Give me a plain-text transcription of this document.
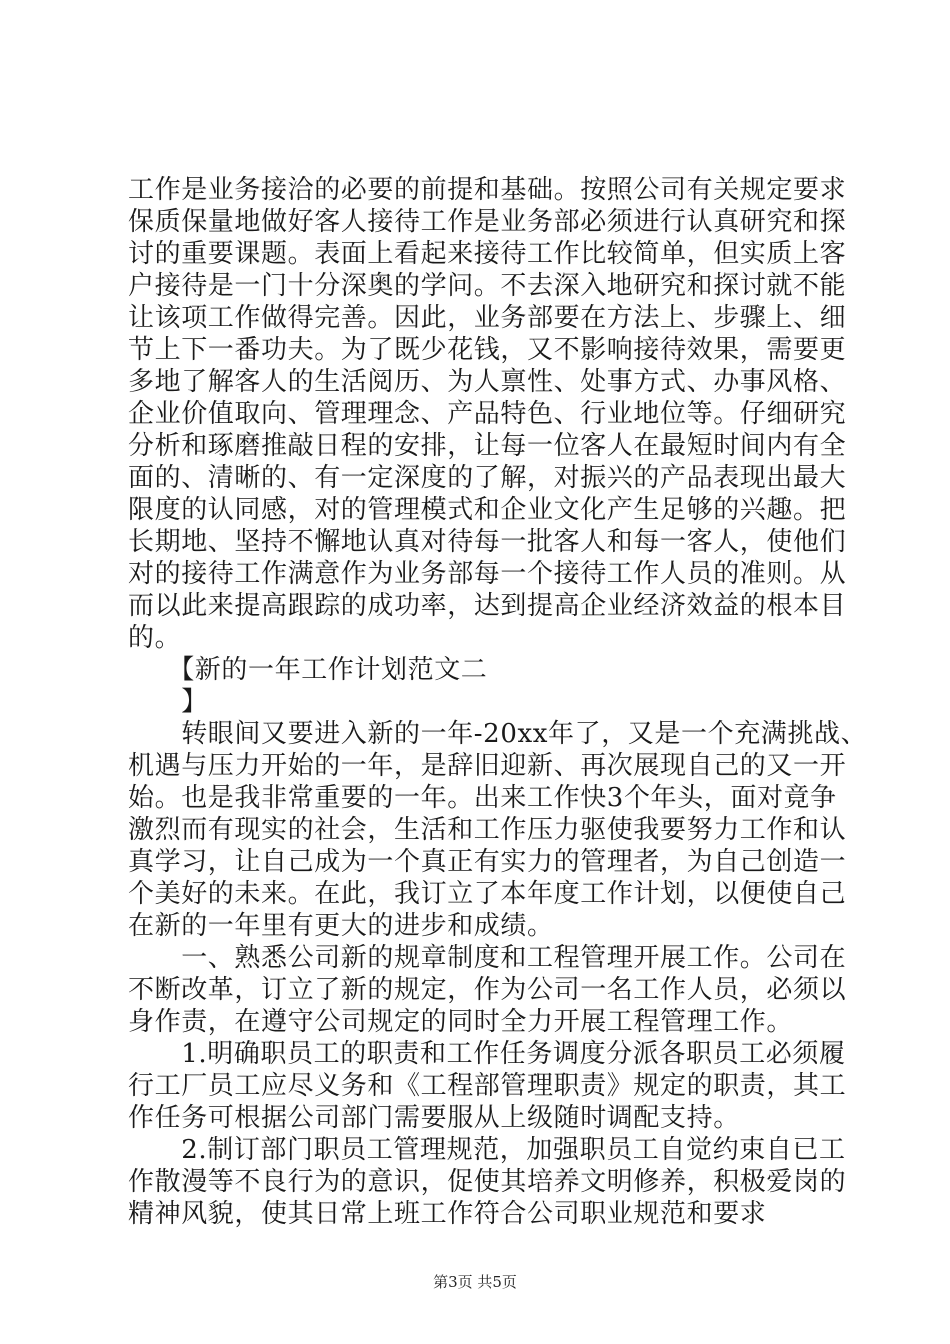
工作是业务接洽的必要的前提和基础。按照公司有关规定要求
保质保量地做好客人接待工作是业务部必须进行认真研究和探
讨的重要课题。表面上看起来接待工作比较简单，但实质上客
户接待是一门十分深奥的学问。不去深入地研究和探讨就不能
让该项工作做得完善。因此，业务部要在方法上、步骤上、细
节上下一番功夫。为了既少花钱，又不影响接待效果，需要更
多地了解客人的生活阅历、为人禀性、处事方式、办事风格、
企业价值取向、管理理念、产品特色、行业地位等。仔细研究
分析和琢磨推敲日程的安排，让每一位客人在最短时间内有全
面的、清晰的、有一定深度的了解，对振兴的产品表现出最大
限度的认同感，对的管理模式和企业文化产生足够的兴趣。把
长期地、坚持不懈地认真对待每一批客人和每一客人，使他们
对的接待工作满意作为业务部每一个接待工作人员的准则。从
而以此来提高跟踪的成功率，达到提高企业经济效益的根本目
的。
　　【新的一年工作计划范文二
　　】
　　转眼间又要进入新的一年-20xx年了，又是一个充满挑战、
机遇与压力开始的一年，是辞旧迎新、再次展现自己的又一开
始。也是我非常重要的一年。出来工作快3个年头，面对竟争
激烈而有现实的社会，生活和工作压力驱使我要努力工作和认
真学习，让自己成为一个真正有实力的管理者，为自己创造一
个美好的未来。在此，我订立了本年度工作计划，以便使自己
在新的一年里有更大的进步和成绩。
　　一、熟悉公司新的规章制度和工程管理开展工作。公司在
不断改革，订立了新的规定，作为公司一名工作人员，必须以
身作责，在遵守公司规定的同时全力开展工程管理工作。
　　1.明确职员工的职责和工作任务调度分派各职员工必须履
行工厂员工应尽义务和《工程部管理职责》规定的职责，其工
作任务可根据公司部门需要服从上级随时调配支持。
　　2.制订部门职员工管理规范，加强职员工自觉约束自已工
作散漫等不良行为的意识，促使其培养文明修养，积极爱岗的
精神风貌，使其日常上班工作符合公司职业规范和要求
第3页 共5页
